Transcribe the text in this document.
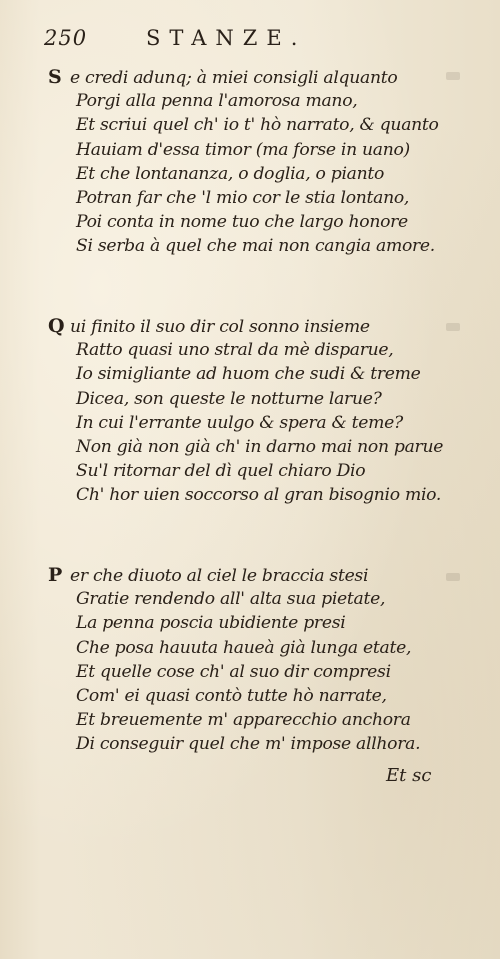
250	STANZE.
S e credi adunq; à miei consigli alquanto
Porgi alla penna l'amorosa mano,
Et scriui quel ch' io t' hò narrato, & quanto
Hauiam d'essa timor (ma forse in uano)
Et che lontananza, o doglia, o pianto
Potran far che 'l mio cor le stia lontano,
Poi conta in nome tuo che largo honore
Si serba à quel che mai non cangia amore.
Q ui finito il suo dir col sonno insieme
Ratto quasi uno stral da mè disparue,
Io simigliante ad huom che sudi & treme
Dicea, son queste le notturne larue?
In cui l'errante uulgo & spera & teme?
Non già non già ch' in darno mai non parue
Su'l ritornar del dì quel chiaro Dio
Ch' hor uien soccorso al gran bisognio mio.
P er che diuoto al ciel le braccia stesi
Gratie rendendo all' alta sua pietate,
La penna poscia ubidiente presi
Che posa hauuta haueà già lunga etate,
Et quelle cose ch' al suo dir compresi
Com' ei quasi contò tutte hò narrate,
Et breuemente m' apparecchio anchora
Di conseguir quel che m' impose allhora.
Et sc
